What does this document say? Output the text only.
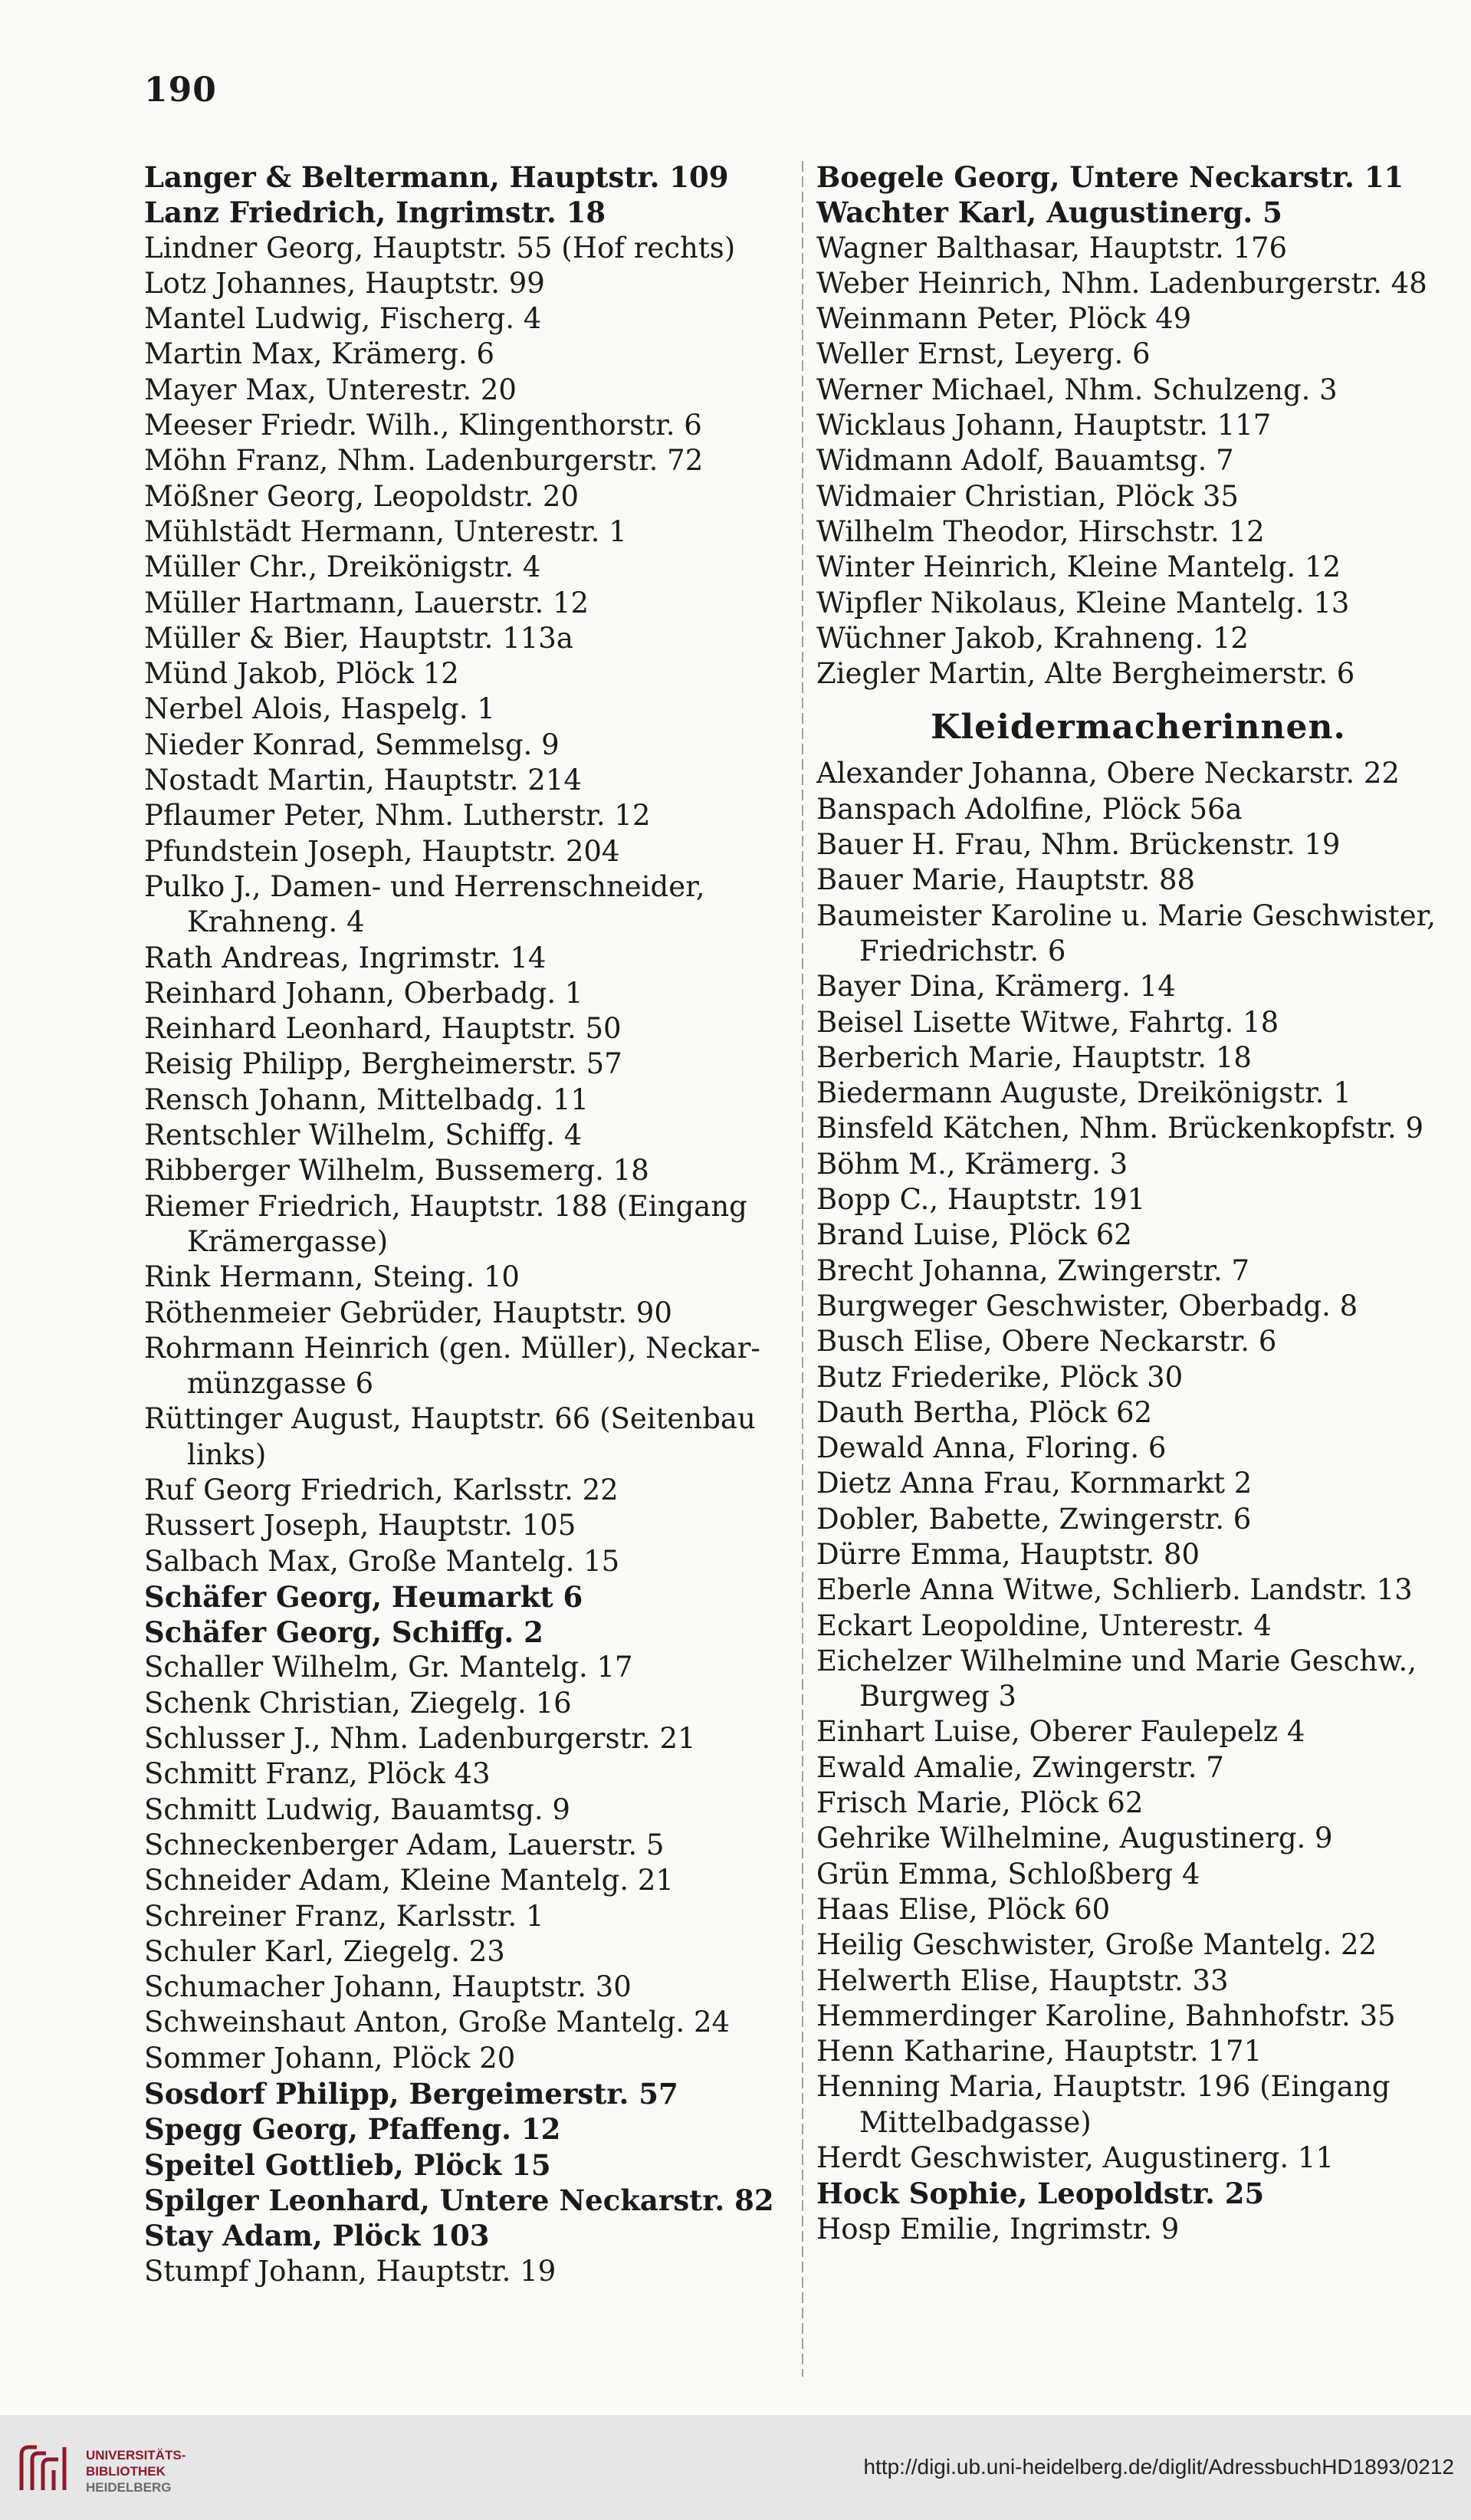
190
Langer & Beltermann, Hauptstr. 109
Lanz Friedrich, Ingrimstr. 18
Lindner Georg, Hauptstr. 55 (Hof rechts)
Lotz Johannes, Hauptstr. 99
Mantel Ludwig, Fischerg. 4
Martin Max, Krämerg. 6
Mayer Max, Unterestr. 20
Meeser Friedr. Wilh., Klingenthorstr. 6
Möhn Franz, Nhm. Ladenburgerstr. 72
Mößner Georg, Leopoldstr. 20
Mühlstädt Hermann, Unterestr. 1
Müller Chr., Dreikönigstr. 4
Müller Hartmann, Lauerstr. 12
Müller & Bier, Hauptstr. 113a
Münd Jakob, Plöck 12
Nerbel Alois, Haspelg. 1
Nieder Konrad, Semmelsg. 9
Nostadt Martin, Hauptstr. 214
Pflaumer Peter, Nhm. Lutherstr. 12
Pfundstein Joseph, Hauptstr. 204
Pulko J., Damen- und Herrenschneider,
Krahneng. 4
Rath Andreas, Ingrimstr. 14
Reinhard Johann, Oberbadg. 1
Reinhard Leonhard, Hauptstr. 50
Reisig Philipp, Bergheimerstr. 57
Rensch Johann, Mittelbadg. 11
Rentschler Wilhelm, Schiffg. 4
Ribberger Wilhelm, Bussemerg. 18
Riemer Friedrich, Hauptstr. 188 (Eingang
Krämergasse)
Rink Hermann, Steing. 10
Röthenmeier Gebrüder, Hauptstr. 90
Rohrmann Heinrich (gen. Müller), Neckar-
münzgasse 6
Rüttinger August, Hauptstr. 66 (Seitenbau
links)
Ruf Georg Friedrich, Karlsstr. 22
Russert Joseph, Hauptstr. 105
Salbach Max, Große Mantelg. 15
Schäfer Georg, Heumarkt 6
Schäfer Georg, Schiffg. 2
Schaller Wilhelm, Gr. Mantelg. 17
Schenk Christian, Ziegelg. 16
Schlusser J., Nhm. Ladenburgerstr. 21
Schmitt Franz, Plöck 43
Schmitt Ludwig, Bauamtsg. 9
Schneckenberger Adam, Lauerstr. 5
Schneider Adam, Kleine Mantelg. 21
Schreiner Franz, Karlsstr. 1
Schuler Karl, Ziegelg. 23
Schumacher Johann, Hauptstr. 30
Schweinshaut Anton, Große Mantelg. 24
Sommer Johann, Plöck 20
Sosdorf Philipp, Bergeimerstr. 57
Spegg Georg, Pfaffeng. 12
Speitel Gottlieb, Plöck 15
Spilger Leonhard, Untere Neckarstr. 82
Stay Adam, Plöck 103
Stumpf Johann, Hauptstr. 19
Boegele Georg, Untere Neckarstr. 11
Wachter Karl, Augustinerg. 5
Wagner Balthasar, Hauptstr. 176
Weber Heinrich, Nhm. Ladenburgerstr. 48
Weinmann Peter, Plöck 49
Weller Ernst, Leyerg. 6
Werner Michael, Nhm. Schulzeng. 3
Wicklaus Johann, Hauptstr. 117
Widmann Adolf, Bauamtsg. 7
Widmaier Christian, Plöck 35
Wilhelm Theodor, Hirschstr. 12
Winter Heinrich, Kleine Mantelg. 12
Wipfler Nikolaus, Kleine Mantelg. 13
Wüchner Jakob, Krahneng. 12
Ziegler Martin, Alte Bergheimerstr. 6
Kleidermacherinnen.
Alexander Johanna, Obere Neckarstr. 22
Banspach Adolfine, Plöck 56a
Bauer H. Frau, Nhm. Brückenstr. 19
Bauer Marie, Hauptstr. 88
Baumeister Karoline u. Marie Geschwister,
Friedrichstr. 6
Bayer Dina, Krämerg. 14
Beisel Lisette Witwe, Fahrtg. 18
Berberich Marie, Hauptstr. 18
Biedermann Auguste, Dreikönigstr. 1
Binsfeld Kätchen, Nhm. Brückenkopfstr. 9
Böhm M., Krämerg. 3
Bopp C., Hauptstr. 191
Brand Luise, Plöck 62
Brecht Johanna, Zwingerstr. 7
Burgweger Geschwister, Oberbadg. 8
Busch Elise, Obere Neckarstr. 6
Butz Friederike, Plöck 30
Dauth Bertha, Plöck 62
Dewald Anna, Floring. 6
Dietz Anna Frau, Kornmarkt 2
Dobler, Babette, Zwingerstr. 6
Dürre Emma, Hauptstr. 80
Eberle Anna Witwe, Schlierb. Landstr. 13
Eckart Leopoldine, Unterestr. 4
Eichelzer Wilhelmine und Marie Geschw.,
Burgweg 3
Einhart Luise, Oberer Faulepelz 4
Ewald Amalie, Zwingerstr. 7
Frisch Marie, Plöck 62
Gehrike Wilhelmine, Augustinerg. 9
Grün Emma, Schloßberg 4
Haas Elise, Plöck 60
Heilig Geschwister, Große Mantelg. 22
Helwerth Elise, Hauptstr. 33
Hemmerdinger Karoline, Bahnhofstr. 35
Henn Katharine, Hauptstr. 171
Henning Maria, Hauptstr. 196 (Eingang
Mittelbadgasse)
Herdt Geschwister, Augustinerg. 11
Hock Sophie, Leopoldstr. 25
Hosp Emilie, Ingrimstr. 9
UNIVERSITÄTS-
BIBLIOTHEK
HEIDELBERG
http://digi.ub.uni-heidelberg.de/diglit/AdressbuchHD1893/0212
